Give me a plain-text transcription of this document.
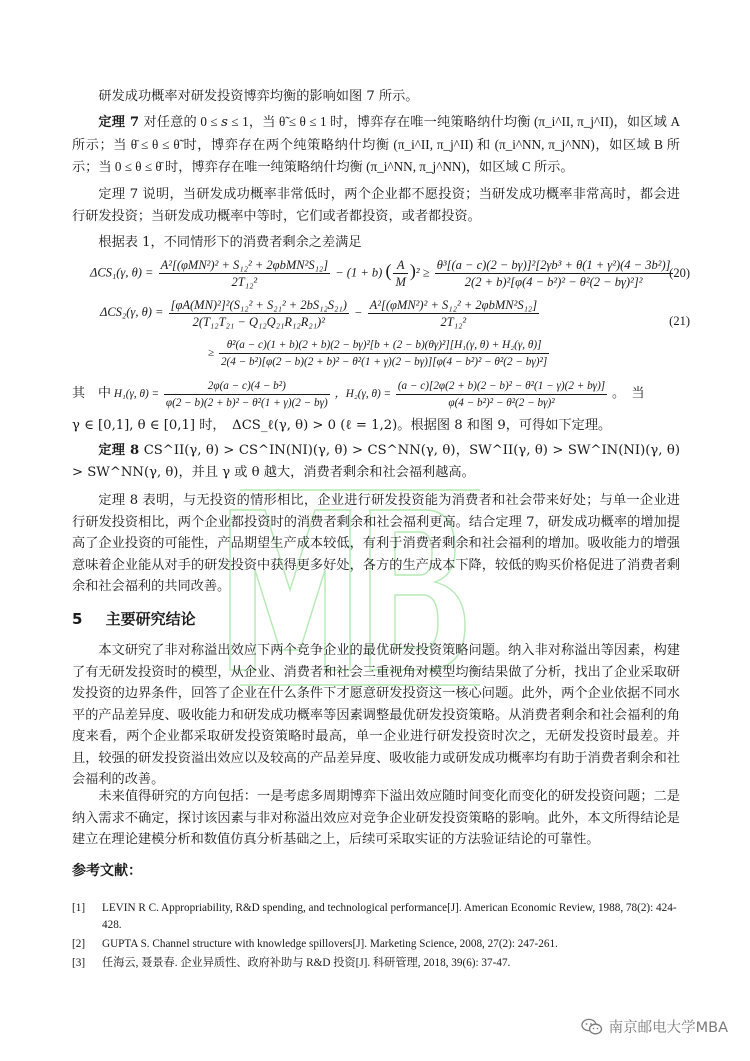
研发成功概率对研发投资博弈均衡的影响如图 7 所示。

定理 7 对任意的 0 ≤ 𝑠 ≤ 1，当 θ̃ ≤ θ ≤ 1 时，博弈存在唯一纯策略纳什均衡 (π_i^II, π_j^II)，如区域 A 所示；当 θ̄ ≤ θ ≤ θ̃ 时，博弈存在两个纯策略纳什均衡 (π_i^II, π_j^II) 和 (π_i^NN, π_j^NN)，如区域 B 所示；当 0 ≤ θ ≤ θ̄ 时，博弈存在唯一纯策略纳什均衡 (π_i^NN, π_j^NN)，如区域 C 所示。

定理 7 说明，当研发成功概率非常低时，两个企业都不愿投资；当研发成功概率非常高时，都会进行研发投资；当研发成功概率中等时，它们或者都投资，或者都投资。

根据表 1，不同情形下的消费者剩余之差满足

ΔCS₁(γ, $\theta) = \frac{\text{A²[(φMN²)² + S₁₂² + 2φbMN²S₁₂]}}{\text{2T₁₂²}} - (1 + b)$ ( $\frac{A}{M} )^2 \ge \frac{\text{θ³[(a − c)(2 − bγ)]²[2γb³ + θ(1 + γ²)(4 − 3b²)]}}{\text{2(2 + b)²[φ(4 − b²)² − θ²(2 − bγ)²]²}}$
(20)
ΔCS₂(γ, $\theta) = \frac{\text{[φA(MN)²]²(S₁₂² + S₂₁² + 2bS₁₂S₂₁)}}{\text{2(T₁₂T₂₁ − Q₁₂Q₂₁R₁₂R₂₁)²}} - \frac{\text{A²[(φMN²)² + S₁₂² + 2φbMN²S₁₂]}}{\text{2T₁₂²}}$
≥
θ²(a − c)(1 + b)(2 + b)(2 − bγ)²[b + (2 − b)(θγ)²][H₁(γ, θ) + H₂(γ, θ)]
2(4 − b²)[φ(2 − b)(2 + b)² − θ²(1 + γ)(2 − bγ)][φ(4 − b²)² − θ²(2 − bγ)²]
(21)
其　中 H₁(γ, $\theta) = \frac{\text{2φ(a − c)(4 − b²)}}{\text{φ(2 − b)(2 + b)² − θ²(1 + γ)(2 − bγ)}}$ ，H₂(γ, $\theta) = \frac{\text{(a − c)[2φ(2 + b)(2 − b)² − θ²(1 − γ)(2 + bγ)]}}{\text{φ(4 − b²)² − θ²(2 − bγ)²}}$ 。　当

γ ∈ [0,1], θ ∈ [0,1] 时，　ΔCS_ℓ(γ, θ) > 0 (ℓ = 1,2)。根据图 8 和图 9，可得如下定理。

定理 8 CS^II(γ, θ) > CS^IN(NI)(γ, θ) > CS^NN(γ, θ)，SW^II(γ, θ) > SW^IN(NI)(γ, θ) > SW^NN(γ, θ)，并且 γ 或 θ 越大，消费者剩余和社会福利越高。

定理 8 表明，与无投资的情形相比，企业进行研发投资能为消费者和社会带来好处；与单一企业进行研发投资相比，两个企业都投资时的消费者剩余和社会福利更高。结合定理 7，研发成功概率的增加提高了企业投资的可能性，产品期望生产成本较低，有利于消费者剩余和社会福利的增加。吸收能力的增强意味着企业能从对手的研发投资中获得更多好处，各方的生产成本下降，较低的购买价格促进了消费者剩余和社会福利的共同改善。

5 主要研究结论

本文研究了非对称溢出效应下两个竞争企业的最优研发投资策略问题。纳入非对称溢出等因素，构建了有无研发投资时的模型，从企业、消费者和社会三重视角对模型均衡结果做了分析，找出了企业采取研发投资的边界条件，回答了企业在什么条件下才愿意研发投资这一核心问题。此外，两个企业依据不同水平的产品差异度、吸收能力和研发成功概率等因素调整最优研发投资策略。从消费者剩余和社会福利的角度来看，两个企业都采取研发投资策略时最高，单一企业进行研发投资时次之，无研发投资时最差。并且，较强的研发投资溢出效应以及较高的产品差异度、吸收能力或研发成功概率均有助于消费者剩余和社会福利的改善。

未来值得研究的方向包括：一是考虑多周期博弈下溢出效应随时间变化而变化的研发投资问题；二是纳入需求不确定，探讨该因素与非对称溢出效应对竞争企业研发投资策略的影响。此外，本文所得结论是建立在理论建模分析和数值仿真分析基础之上，后续可采取实证的方法验证结论的可靠性。

参考文献：
[1] LEVIN R C. Appropriability, R&D spending, and technological performance[J]. American Economic Review, 1988, 78(2): 424-428.
[2] GUPTA S. Channel structure with knowledge spillovers[J]. Marketing Science, 2008, 27(2): 247-261.
[3] 任海云, 聂景春. 企业异质性、政府补助与 R&D 投资[J]. 科研管理, 2018, 39(6): 37-47.
南京邮电大学MBA
